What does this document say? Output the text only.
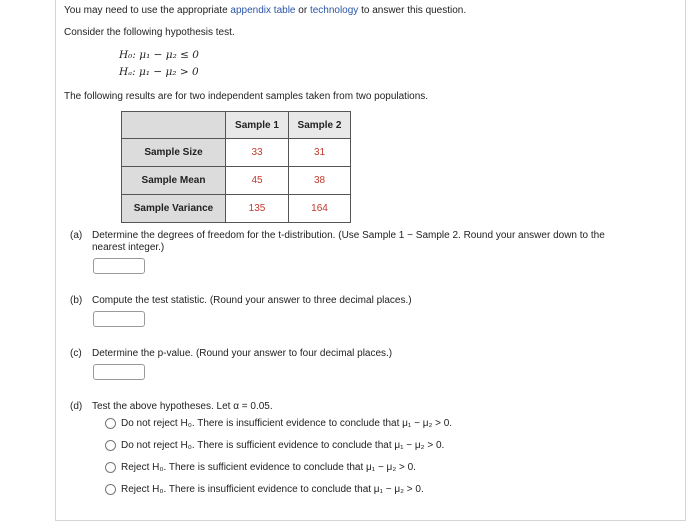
You may need to use the appropriate appendix table or technology to answer this question.
Consider the following hypothesis test.
H₀: μ₁ − μ₂ ≤ 0
Hₐ: μ₁ − μ₂ > 0
The following results are for two independent samples taken from two populations.
	Sample 1	Sample 2
Sample Size	33	31
Sample Mean	45	38
Sample Variance	135	164
(a) Determine the degrees of freedom for the t-distribution. (Use Sample 1 − Sample 2. Round your answer down to the
nearest integer.)
(b) Compute the test statistic. (Round your answer to three decimal places.)
(c) Determine the p-value. (Round your answer to four decimal places.)
(d) Test the above hypotheses. Let α = 0.05.
Do not reject H₀. There is insufficient evidence to conclude that μ₁ − μ₂ > 0.
Do not reject H₀. There is sufficient evidence to conclude that μ₁ − μ₂ > 0.
Reject H₀. There is sufficient evidence to conclude that μ₁ − μ₂ > 0.
Reject H₀. There is insufficient evidence to conclude that μ₁ − μ₂ > 0.
